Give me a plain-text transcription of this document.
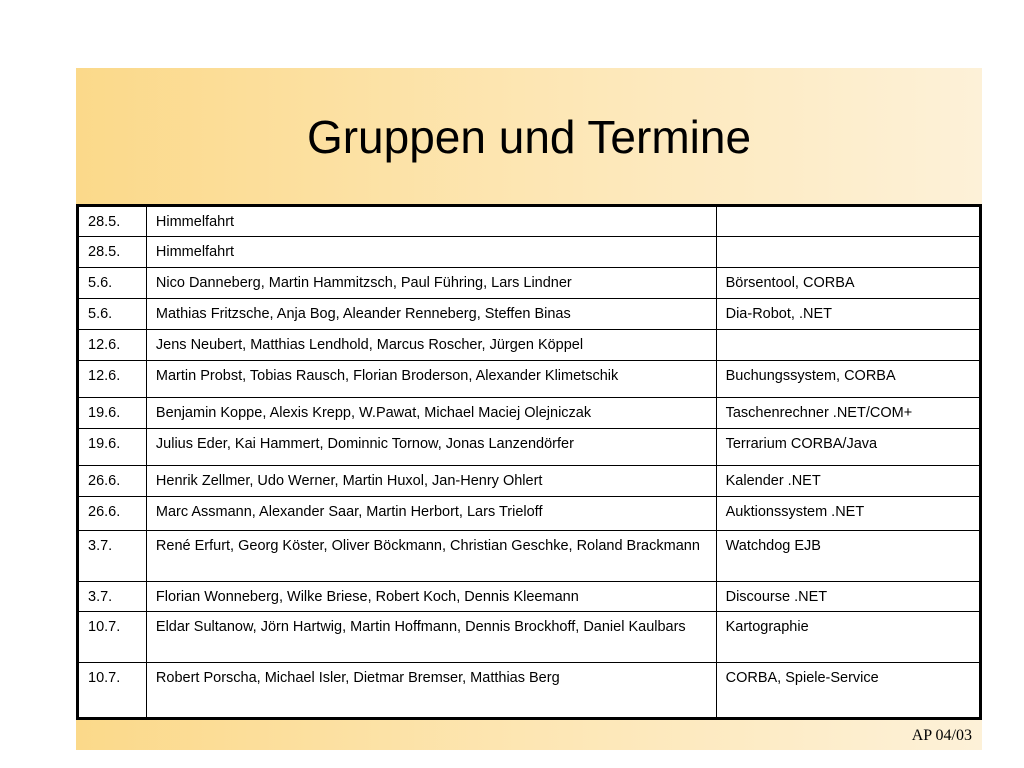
Gruppen und Termine
28.5.	Himmelfahrt	
28.5.	Himmelfahrt	
5.6.	Nico Danneberg, Martin Hammitzsch, Paul Führing, Lars Lindner	Börsentool, CORBA
5.6.	Mathias Fritzsche, Anja Bog, Aleander Renneberg, Steffen Binas	Dia-Robot, .NET
12.6.	Jens Neubert, Matthias Lendhold, Marcus Roscher, Jürgen Köppel	
12.6.	Martin Probst, Tobias Rausch, Florian Broderson, Alexander Klimetschik	Buchungssystem, CORBA
19.6.	Benjamin Koppe, Alexis Krepp, W.Pawat, Michael Maciej Olejniczak	Taschenrechner .NET/COM+
19.6.	Julius Eder, Kai Hammert, Dominnic Tornow, Jonas Lanzendörfer	Terrarium CORBA/Java
26.6.	Henrik Zellmer, Udo Werner, Martin Huxol, Jan-Henry Ohlert	Kalender .NET
26.6.	Marc Assmann, Alexander Saar, Martin Herbort, Lars Trieloff	Auktionssystem .NET
3.7.	René Erfurt, Georg Köster, Oliver Böckmann, Christian Geschke, Roland Brackmann	Watchdog EJB
3.7.	Florian Wonneberg, Wilke Briese, Robert Koch, Dennis Kleemann	Discourse .NET
10.7.	Eldar Sultanow, Jörn Hartwig, Martin Hoffmann, Dennis Brockhoff, Daniel Kaulbars	Kartographie
10.7.	Robert Porscha, Michael Isler, Dietmar Bremser, Matthias Berg	CORBA, Spiele-Service
AP 04/03
